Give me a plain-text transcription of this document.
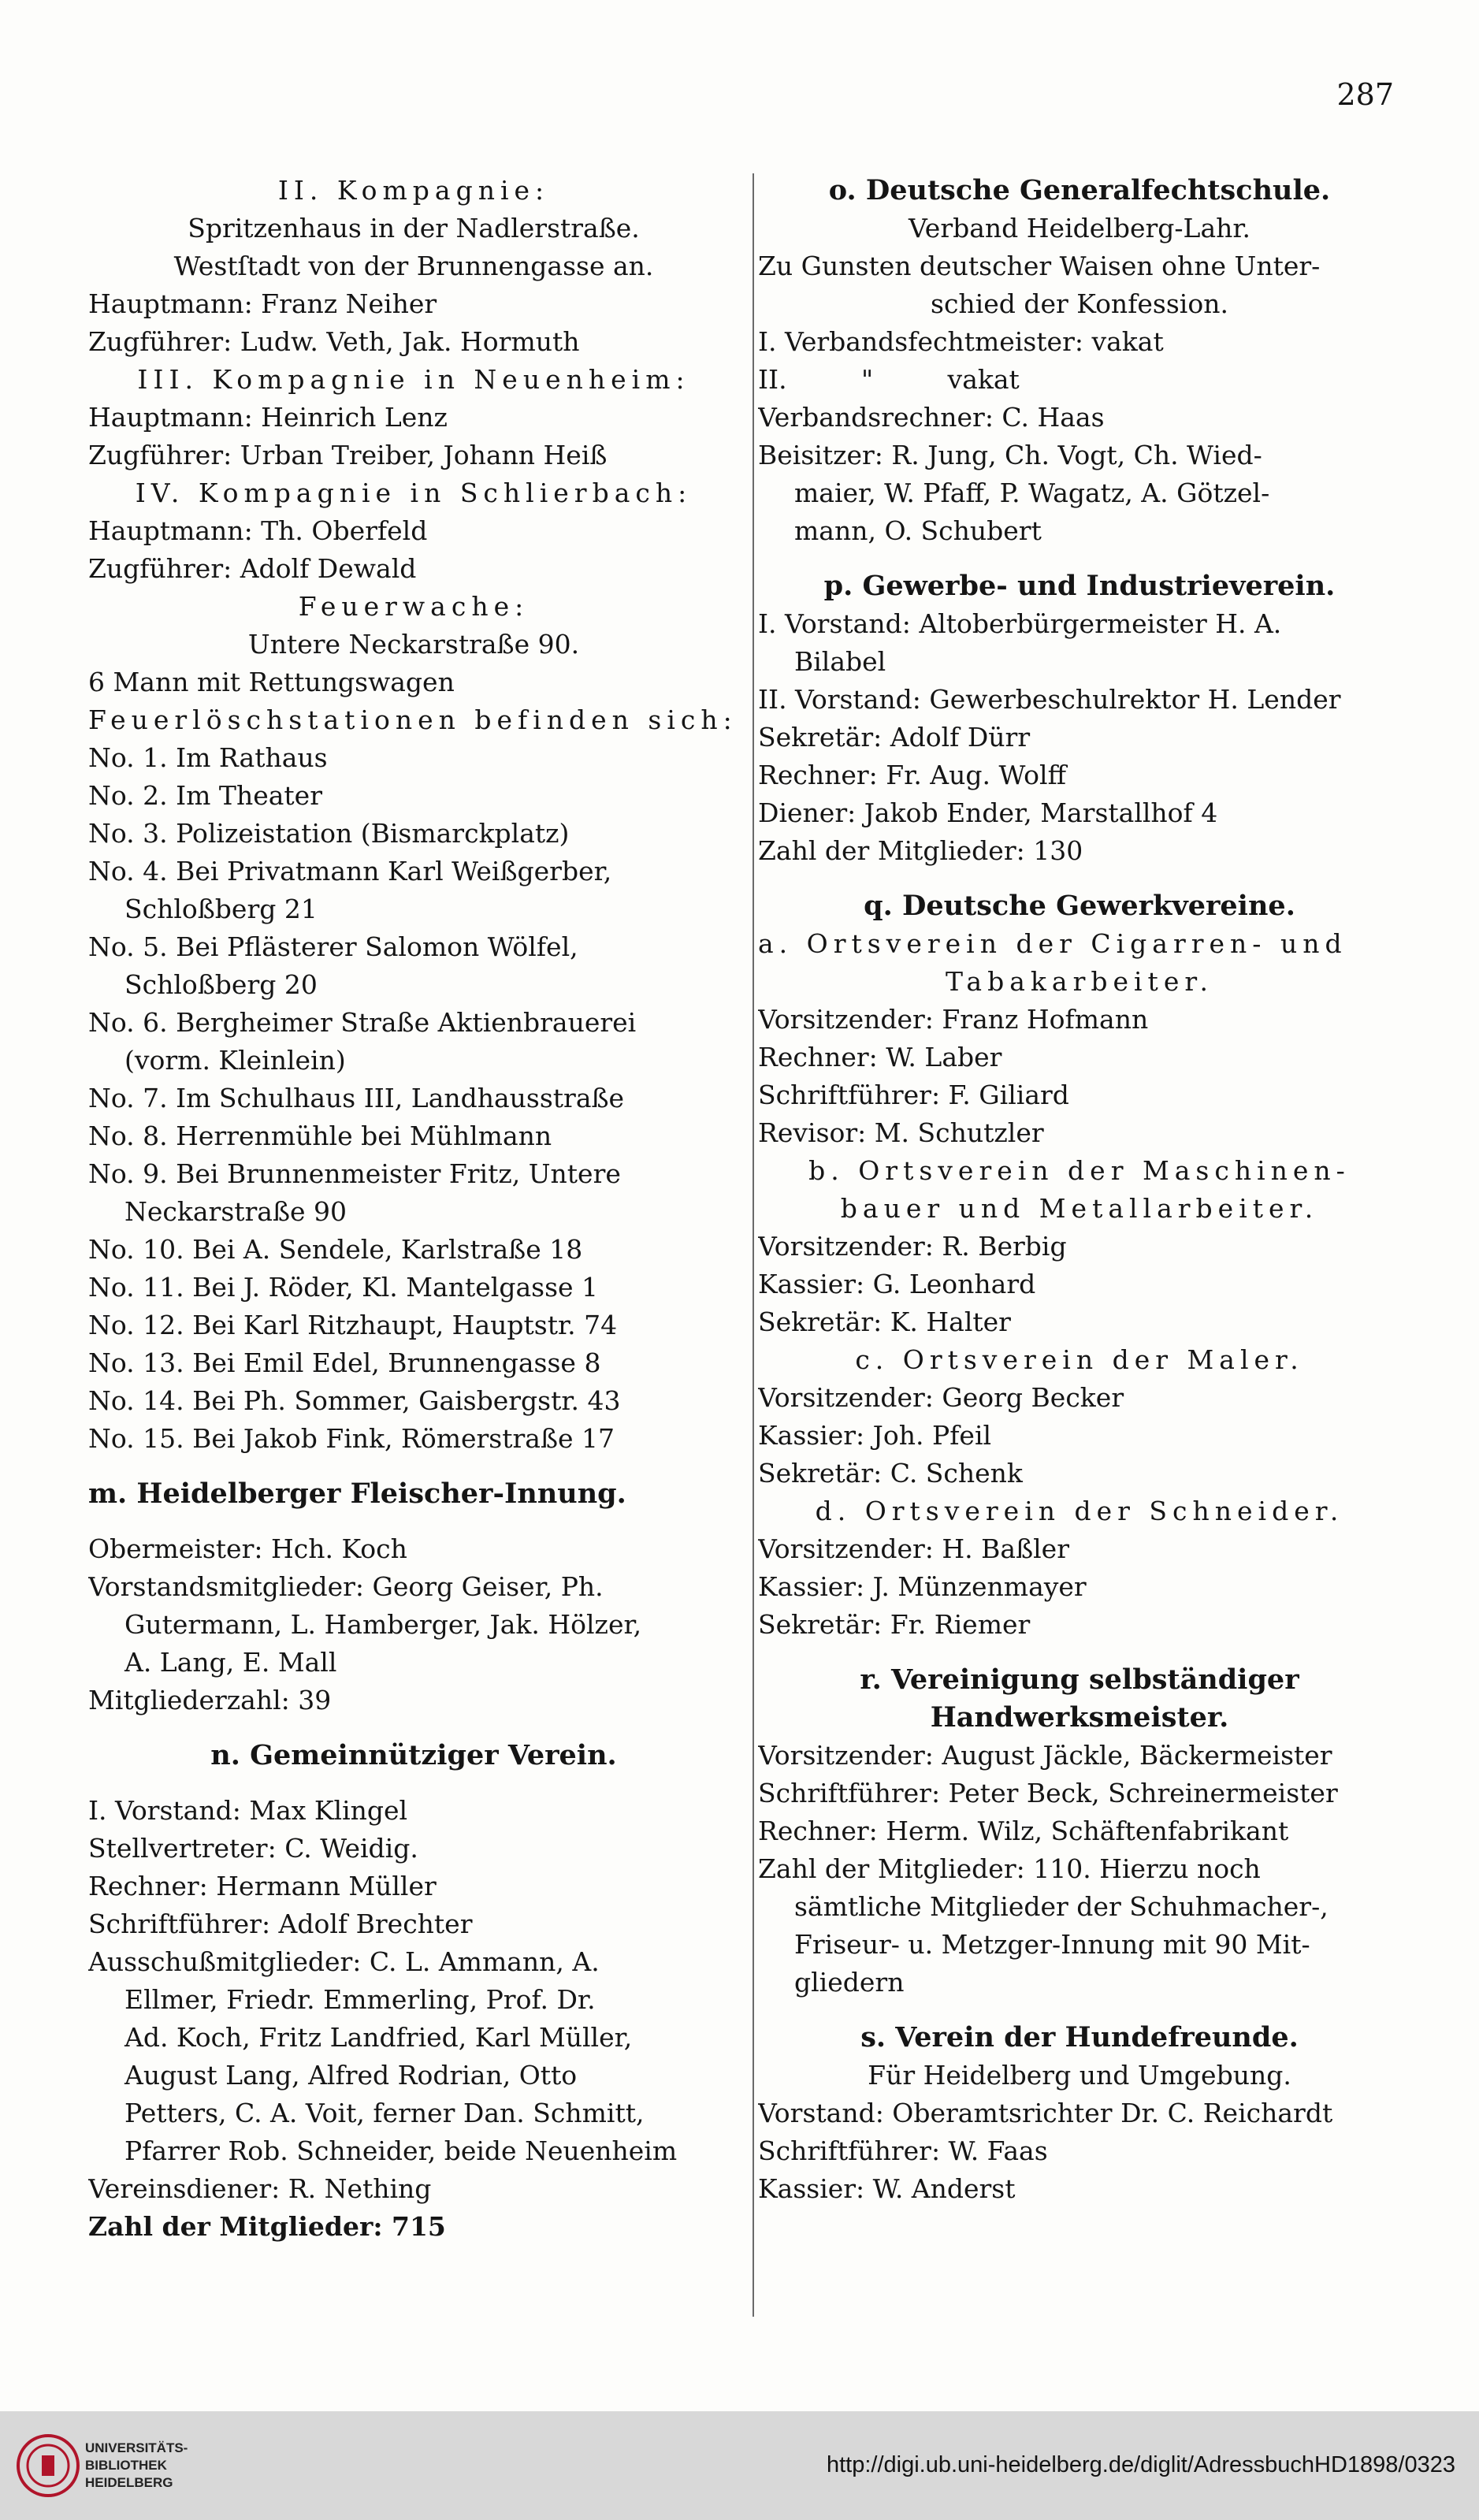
287
II. Kompagnie:
Spritzenhaus in der Nadlerstraße.
Westſtadt von der Brunnengasse an.
Hauptmann: Franz Neiher
Zugführer: Ludw. Veth, Jak. Hormuth
III. Kompagnie in Neuenheim:
Hauptmann: Heinrich Lenz
Zugführer: Urban Treiber, Johann Heiß
IV. Kompagnie in Schlierbach:
Hauptmann: Th. Oberfeld
Zugführer: Adolf Dewald
Feuerwache:
Untere Neckarstraße 90.
6 Mann mit Rettungswagen
Feuerlöschstationen befinden sich:
No. 1. Im Rathaus
No. 2. Im Theater
No. 3. Polizeistation (Bismarckplatz)
No. 4. Bei Privatmann Karl Weißgerber,
Schloßberg 21
No. 5. Bei Pflästerer Salomon Wölfel,
Schloßberg 20
No. 6. Bergheimer Straße Aktienbrauerei
(vorm. Kleinlein)
No. 7. Im Schulhaus III, Landhausstraße
No. 8. Herrenmühle bei Mühlmann
No. 9. Bei Brunnenmeister Fritz, Untere
Neckarstraße 90
No. 10. Bei A. Sendele, Karlstraße 18
No. 11. Bei J. Röder, Kl. Mantelgasse 1
No. 12. Bei Karl Ritzhaupt, Hauptstr. 74
No. 13. Bei Emil Edel, Brunnengasse 8
No. 14. Bei Ph. Sommer, Gaisbergstr. 43
No. 15. Bei Jakob Fink, Römerstraße 17
m. Heidelberger Fleischer-Innung.
Obermeister: Hch. Koch
Vorstandsmitglieder: Georg Geiser, Ph.
Gutermann, L. Hamberger, Jak. Hölzer,
A. Lang, E. Mall
Mitgliederzahl: 39
n. Gemeinnütziger Verein.
I. Vorstand: Max Klingel
Stellvertreter: C. Weidig.
Rechner: Hermann Müller
Schriftführer: Adolf Brechter
Ausschußmitglieder: C. L. Ammann, A.
Ellmer, Friedr. Emmerling, Prof. Dr.
Ad. Koch, Fritz Landfried, Karl Müller,
August Lang, Alfred Rodrian, Otto
Petters, C. A. Voit, ferner Dan. Schmitt,
Pfarrer Rob. Schneider, beide Neuenheim
Vereinsdiener: R. Nething
Zahl der Mitglieder: 715
o. Deutsche Generalfechtschule.
Verband Heidelberg-Lahr.
Zu Gunsten deutscher Waisen ohne Unter-
schied der Konfession.
I. Verbandsfechtmeister: vakat
II.         "         vakat
Verbandsrechner: C. Haas
Beisitzer: R. Jung, Ch. Vogt, Ch. Wied-
maier, W. Pfaff, P. Wagatz, A. Götzel-
mann, O. Schubert
p. Gewerbe- und Industrieverein.
I. Vorstand: Altoberbürgermeister H. A.
Bilabel
II. Vorstand: Gewerbeschulrektor H. Lender
Sekretär: Adolf Dürr
Rechner: Fr. Aug. Wolff
Diener: Jakob Ender, Marstallhof 4
Zahl der Mitglieder: 130
q. Deutsche Gewerkvereine.
a. Ortsverein der Cigarren- und
Tabakarbeiter.
Vorsitzender: Franz Hofmann
Rechner: W. Laber
Schriftführer: F. Giliard
Revisor: M. Schutzler
b. Ortsverein der Maschinen-
bauer und Metallarbeiter.
Vorsitzender: R. Berbig
Kassier: G. Leonhard
Sekretär: K. Halter
c. Ortsverein der Maler.
Vorsitzender: Georg Becker
Kassier: Joh. Pfeil
Sekretär: C. Schenk
d. Ortsverein der Schneider.
Vorsitzender: H. Baßler
Kassier: J. Münzenmayer
Sekretär: Fr. Riemer
r. Vereinigung selbständiger
Handwerksmeister.
Vorsitzender: August Jäckle, Bäckermeister
Schriftführer: Peter Beck, Schreinermeister
Rechner: Herm. Wilz, Schäftenfabrikant
Zahl der Mitglieder: 110. Hierzu noch
sämtliche Mitglieder der Schuhmacher-,
Friseur- u. Metzger-Innung mit 90 Mit-
gliedern
s. Verein der Hundefreunde.
Für Heidelberg und Umgebung.
Vorstand: Oberamtsrichter Dr. C. Reichardt
Schriftführer: W. Faas
Kassier: W. Anderst
UNIVERSITÄTS-
BIBLIOTHEK
HEIDELBERG
http://digi.ub.uni-heidelberg.de/diglit/AdressbuchHD1898/0323
